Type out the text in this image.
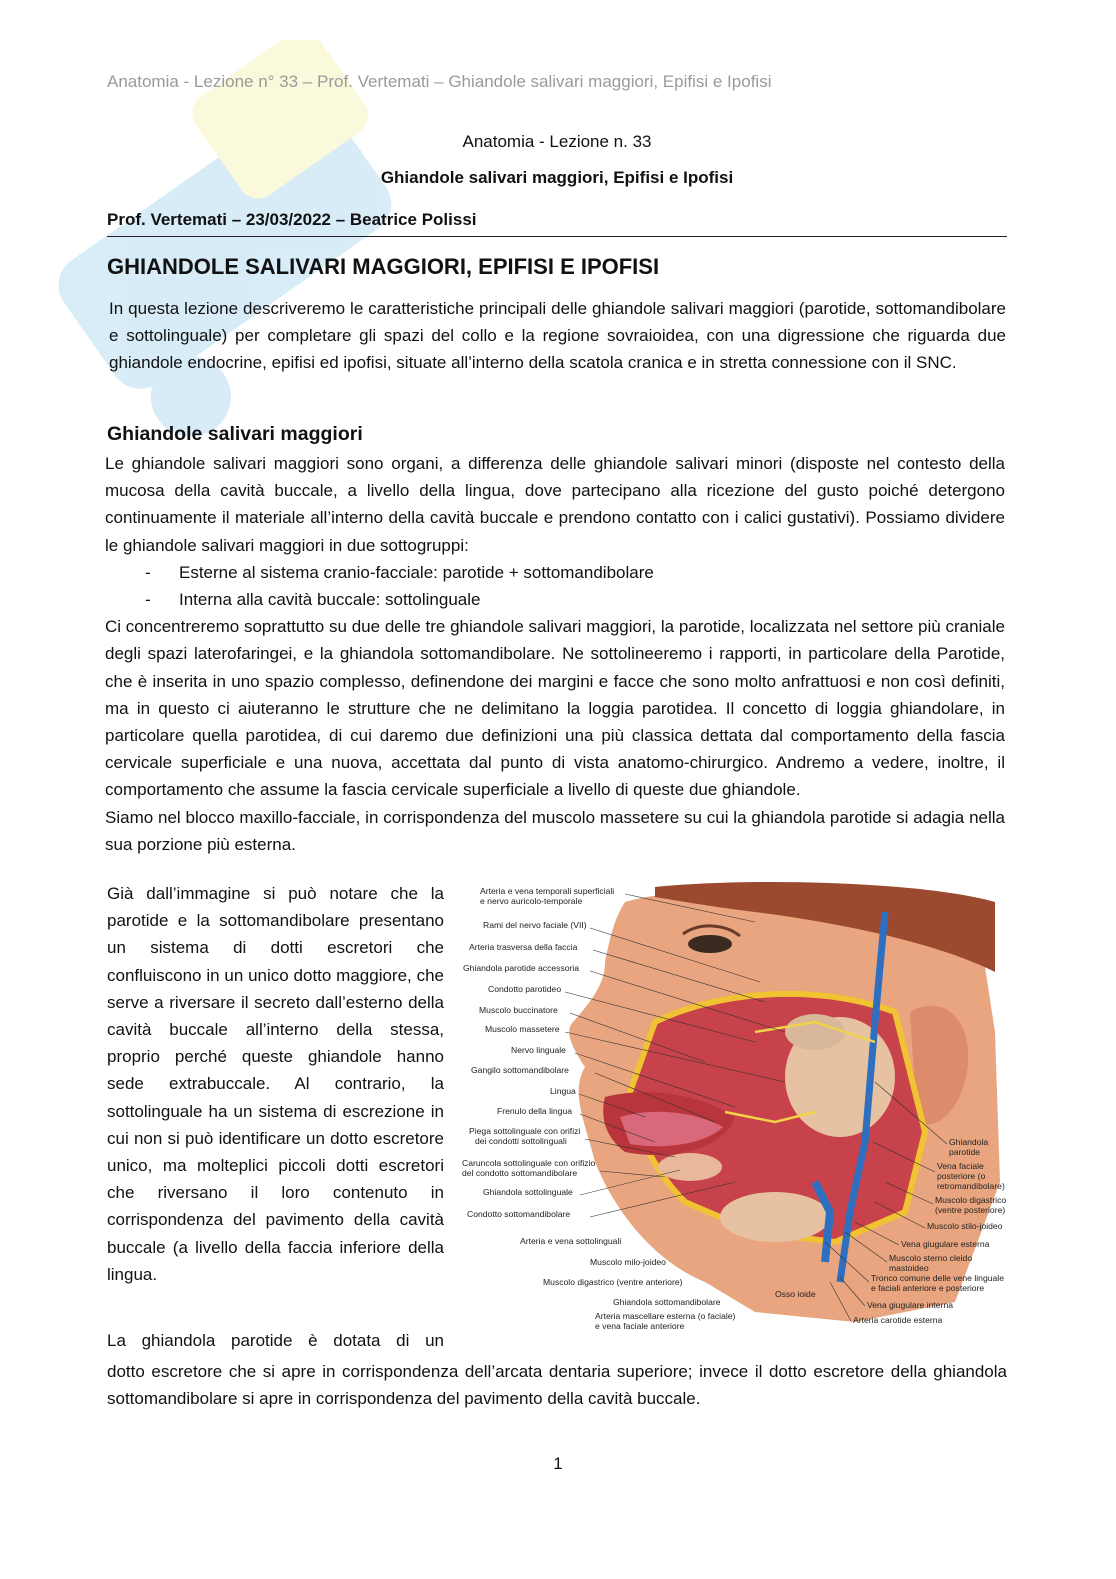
Anatomia - Lezione n° 33 – Prof. Vertemati – Ghiandole salivari maggiori, Epifisi e Ipofisi
Anatomia - Lezione n. 33
Ghiandole salivari maggiori, Epifisi e Ipofisi
Prof. Vertemati – 23/03/2022 – Beatrice Polissi
GHIANDOLE SALIVARI MAGGIORI, EPIFISI E IPOFISI

In questa lezione descriveremo le caratteristiche principali delle ghiandole salivari maggiori (parotide, sottomandibolare e sottolinguale) per completare gli spazi del collo e la regione sovraioidea, con una digressione che riguarda due ghiandole endocrine, epifisi ed ipofisi, situate all’interno della scatola cranica e in stretta connessione con il SNC.

Ghiandole salivari maggiori

Le ghiandole salivari maggiori sono organi, a differenza delle ghiandole salivari minori (disposte nel contesto della mucosa della cavità buccale, a livello della lingua, dove partecipano alla ricezione del gusto poiché detergono continuamente il materiale all’interno della cavità buccale e prendono contatto con i calici gustativi). Possiamo dividere le ghiandole salivari maggiori in due sottogruppi:

- Esterne al sistema cranio-facciale: parotide + sottomandibolare
- Interna alla cavità buccale: sottolinguale

Ci concentreremo soprattutto su due delle tre ghiandole salivari maggiori, la parotide, localizzata nel settore più craniale degli spazi laterofaringei, e la ghiandola sottomandibolare. Ne sottolineeremo i rapporti, in particolare della Parotide, che è inserita in uno spazio complesso, definendone dei margini e facce che sono molto anfrattuosi e non così definiti, ma in questo ci aiuteranno le strutture che ne delimitano la loggia parotidea. Il concetto di loggia ghiandolare, in particolare quella parotidea, di cui daremo due definizioni una più classica dettata dal comportamento della fascia cervicale superficiale e una nuova, accettata dal punto di vista anatomo-chirurgico. Andremo a vedere, inoltre, il comportamento che assume la fascia cervicale superficiale a livello di queste due ghiandole.

Siamo nel blocco maxillo-facciale, in corrispondenza del muscolo massetere su cui la ghiandola parotide si adagia nella sua porzione più esterna.

Già dall’immagine si può notare che la parotide e la sottomandibolare presentano un sistema di dotti escretori che confluiscono in un unico dotto maggiore, che serve a riversare il secreto dall’esterno della cavità buccale all’interno della stessa, proprio perché queste ghiandole hanno sede extrabuccale. Al contrario, la sottolinguale ha un sistema di escrezione in cui non si può identificare un dotto escretore unico, ma molteplici piccoli dotti escretori che riversano il loro contenuto in corrispondenza del pavimento della cavità buccale (a livello della faccia inferiore della lingua.

Arteria e vena temporali superficiali
e nervo auricolo-temporale
Rami del nervo faciale (VII)
Arteria trasversa della faccia
Ghiandola parotide accessoria
Condotto parotideo
Muscolo buccinatore
Muscolo massetere
Nervo linguale
Gangilo sottomandibolare
Lingua
Frenulo della lingua
Piega sottolinguale con orifizi
dei condotti sottolinguali
Caruncola sottolinguale con orifizio
del condotto sottomandibolare
Ghiandola sottolinguale
Condotto sottomandibolare
Arteria e vena sottolinguali
Muscolo milo-joideo
Muscolo digastrico (ventre anteriore)
Ghiandola sottomandibolare
Arteria mascellare esterna (o faciale)
e vena faciale anteriore
Osso ioide
Ghiandola
parotide
Vena faciale
posteriore (o
retromandibolare)
Muscolo digastrico
(ventre posteriore)
Muscolo stilo-joideo
Vena giugulare esterna
Muscolo sterno cleido
mastoideo
Tronco comune delle vene linguale
e faciali anteriore e posteriore
Vena giugulare interna
Arteria carotide esterna
La ghiandola parotide è dotata di un

dotto escretore che si apre in corrispondenza dell’arcata dentaria superiore; invece il dotto escretore della ghiandola sottomandibolare si apre in corrispondenza del pavimento della cavità buccale.

1
